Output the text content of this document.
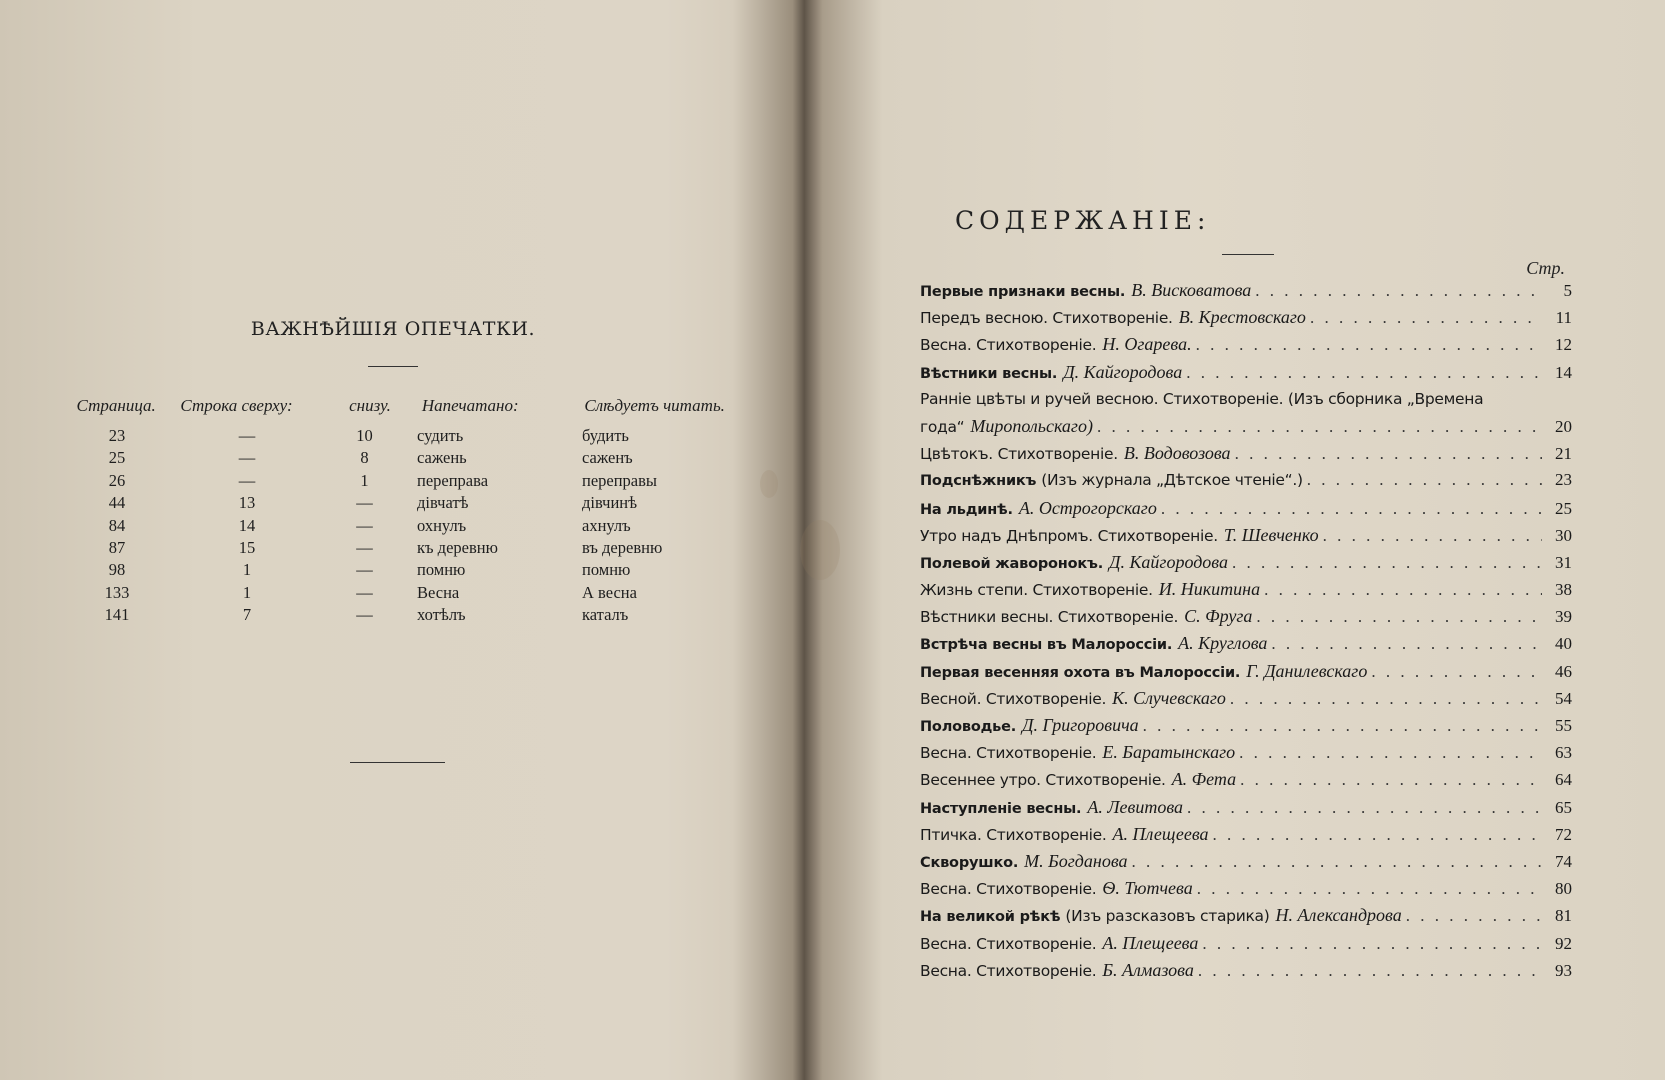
ВАЖНѢЙШІЯ ОПЕЧАТКИ.
Страница.	Строка сверху:	снизу.	Напечатано:	Слѣдуетъ читать.
23	—	10	судить	будить
25	—	8	сажень	саженъ
26	—	1	переправа	переправы
44	13	—	дівчатѣ	дівчинѣ
84	14	—	охнулъ	ахнулъ
87	15	—	къ деревню	въ деревню
98	1	—	помню	помню
133	1	—	Весна	А весна
141	7	—	хотѣлъ	каталъ
СОДЕРЖАНІЕ:
Стр.
Первые признаки весны. В. Висковатова . . .	5
Передъ весною. Стихотвореніе. В. Крестовскаго . . .	11
Весна. Стихотвореніе. Н. Огарева. . . .	12
Вѣстники весны. Д. Кайгородова . . .	14
Ранніе цвѣты и ручей весною. Стихотвореніе. (Изъ сборника „Времена
года“ Миропольскаго) . . .	20
Цвѣтокъ. Стихотвореніе. В. Водовозова . . .	21
Подснѣжникъ (Изъ журнала „Дѣтское чтеніе“.) . . .	23
На льдинѣ. А. Острогорскаго . . .	25
Утро надъ Днѣпромъ. Стихотвореніе. Т. Шевченко . . .	30
Полевой жаворонокъ. Д. Кайгородова . . .	31
Жизнь степи. Стихотвореніе. И. Никитина . . .	38
Вѣстники весны. Стихотвореніе. С. Фруга . . .	39
Встрѣча весны въ Малороссіи. А. Круглова . . .	40
Первая весенняя охота въ Малороссіи. Г. Данилевскаго . . .	46
Весной. Стихотвореніе. К. Случевскаго . . .	54
Половодье. Д. Григоровича . . .	55
Весна. Стихотвореніе. Е. Баратынскаго . . .	63
Весеннее утро. Стихотвореніе. А. Фета . . .	64
Наступленіе весны. А. Левитова . . .	65
Птичка. Стихотвореніе. А. Плещеева . . .	72
Скворушко. М. Богданова . . .	74
Весна. Стихотвореніе. Ѳ. Тютчева . . .	80
На великой рѣкѣ (Изъ разсказовъ старика) Н. Александрова . . .	81
Весна. Стихотвореніе. А. Плещеева . . .	92
Весна. Стихотвореніе. Б. Алмазова . . .	93
